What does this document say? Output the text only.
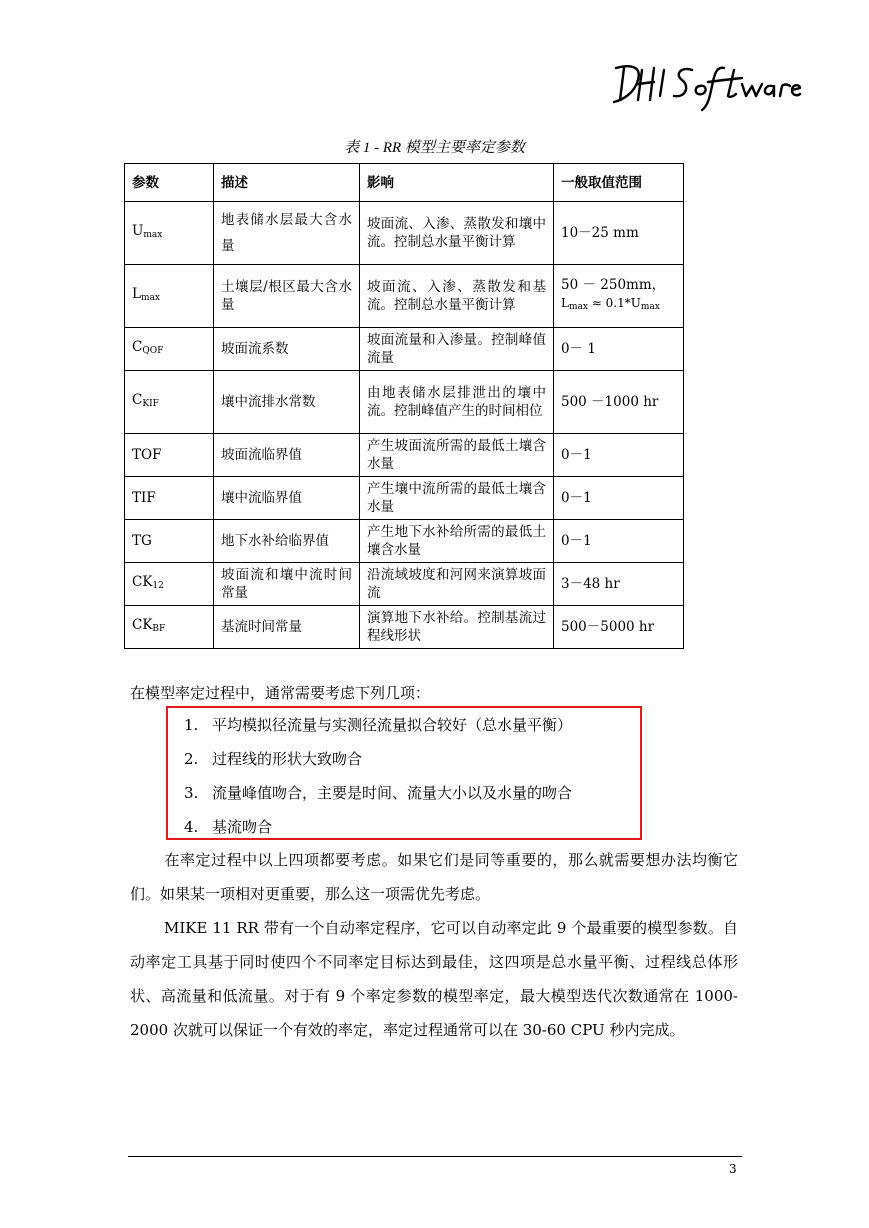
表 1 - RR 模型主要率定参数
参数	描述	影响	一般取值范围
$U_{max}$	地表储水层最大含水量	坡面流、入渗、蒸散发和壤中流。控制总水量平衡计算	10－25 mm
$L_{max}$	土壤层/根区最大含水量	坡面流、入渗、蒸散发和基流。控制总水量平衡计算	50 － 250mm，
$L_{max} \approx 0.1*U_{max}$

$C_{QOF}$	坡面流系数	坡面流量和入渗量。控制峰值流量	0－ 1
$C_{KIF}$	壤中流排水常数	由地表储水层排泄出的壤中流。控制峰值产生的时间相位	500 －1000 hr
TOF	坡面流临界值	产生坡面流所需的最低土壤含水量	0－1
TIF	壤中流临界值	产生壤中流所需的最低土壤含水量	0－1
TG	地下水补给临界值	产生地下水补给所需的最低土壤含水量	0－1
$CK_{12}$	坡面流和壤中流时间常量	沿流域坡度和河网来演算坡面流	3－48 hr
$CK_{BF}$	基流时间常量	演算地下水补给。控制基流过程线形状	500－5000 hr
在模型率定过程中，通常需要考虑下列几项：
1. 平均模拟径流量与实测径流量拟合较好（总水量平衡）
2. 过程线的形状大致吻合
3. 流量峰值吻合，主要是时间、流量大小以及水量的吻合
4. 基流吻合
在率定过程中以上四项都要考虑。如果它们是同等重要的，那么就需要想办法均衡它们。如果某一项相对更重要，那么这一项需优先考虑。
MIKE 11 RR 带有一个自动率定程序，它可以自动率定此 9 个最重要的模型参数。自动率定工具基于同时使四个不同率定目标达到最佳，这四项是总水量平衡、过程线总体形状、高流量和低流量。对于有 9 个率定参数的模型率定，最大模型迭代次数通常在 1000-2000 次就可以保证一个有效的率定，率定过程通常可以在 30-60 CPU 秒内完成。
3
